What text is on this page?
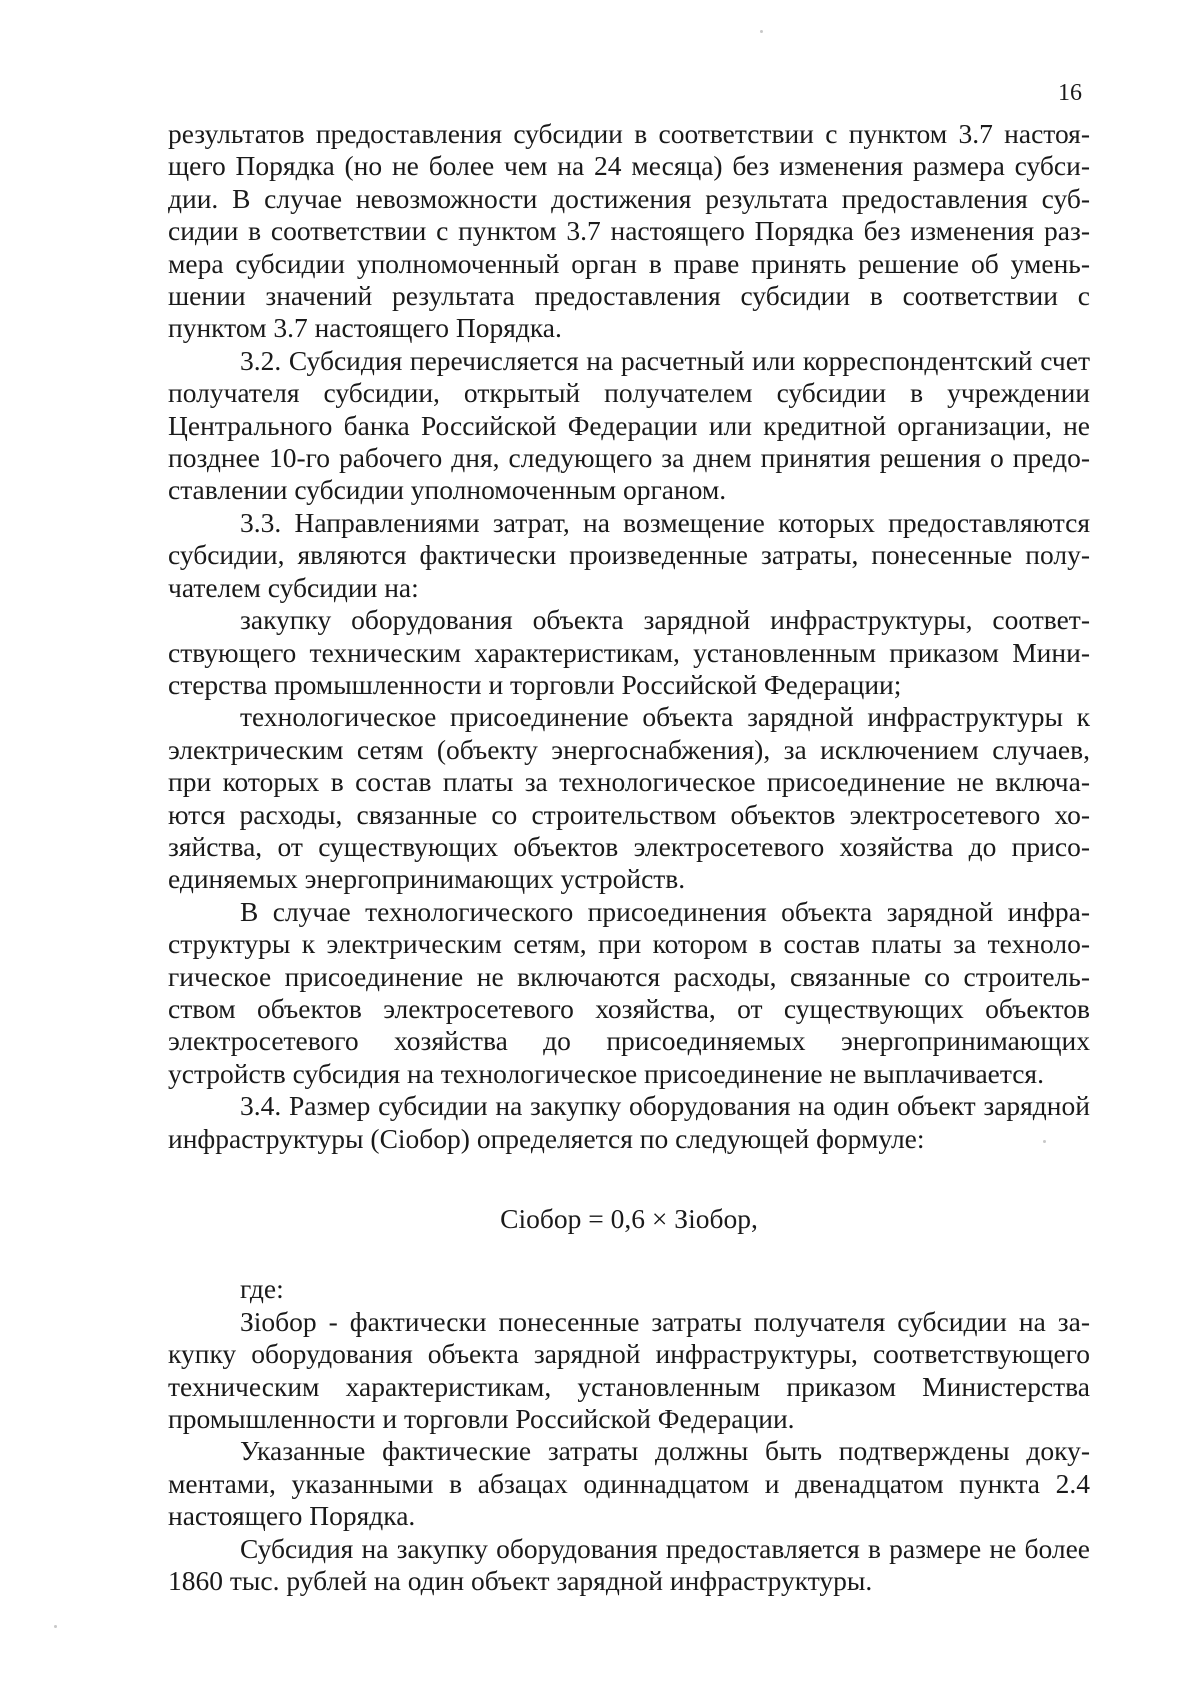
16

результатов предоставления субсидии в соответствии с пунктом 3.7 настоящего Порядка (но не более чем на 24 месяца) без изменения размера субсидии. В случае невозможности достижения результата предоставления субсидии в соответствии с пунктом 3.7 настоящего Порядка без изменения размера субсидии уполномоченный орган в праве принять решение об уменьшении значений результата предоставления субсидии в соответствии с пунктом 3.7 настоящего Порядка.

3.2. Субсидия перечисляется на расчетный или корреспондентский счет получателя субсидии, открытый получателем субсидии в учреждении Центрального банка Российской Федерации или кредитной организации, не позднее 10-го рабочего дня, следующего за днем принятия решения о предоставлении субсидии уполномоченным органом.

3.3. Направлениями затрат, на возмещение которых предоставляются субсидии, являются фактически произведенные затраты, понесенные получателем субсидии на:

закупку оборудования объекта зарядной инфраструктуры, соответствующего техническим характеристикам, установленным приказом Министерства промышленности и торговли Российской Федерации;

технологическое присоединение объекта зарядной инфраструктуры к электрическим сетям (объекту энергоснабжения), за исключением случаев, при которых в состав платы за технологическое присоединение не включаются расходы, связанные со строительством объектов электросетевого хозяйства, от существующих объектов электросетевого хозяйства до присоединяемых энергопринимающих устройств.

В случае технологического присоединения объекта зарядной инфраструктуры к электрическим сетям, при котором в состав платы за технологическое присоединение не включаются расходы, связанные со строительством объектов электросетевого хозяйства, от существующих объектов электросетевого хозяйства до присоединяемых энергопринимающих устройств субсидия на технологическое присоединение не выплачивается.

3.4. Размер субсидии на закупку оборудования на один объект зарядной инфраструктуры (Сiобор) определяется по следующей формуле:

Сiобор = 0,6 × Зiобор,

где:

Зiобор - фактически понесенные затраты получателя субсидии на закупку оборудования объекта зарядной инфраструктуры, соответствующего техническим характеристикам, установленным приказом Министерства промышленности и торговли Российской Федерации.

Указанные фактические затраты должны быть подтверждены документами, указанными в абзацах одиннадцатом и двенадцатом пункта 2.4 настоящего Порядка.

Субсидия на закупку оборудования предоставляется в размере не более 1860 тыс. рублей на один объект зарядной инфраструктуры.
